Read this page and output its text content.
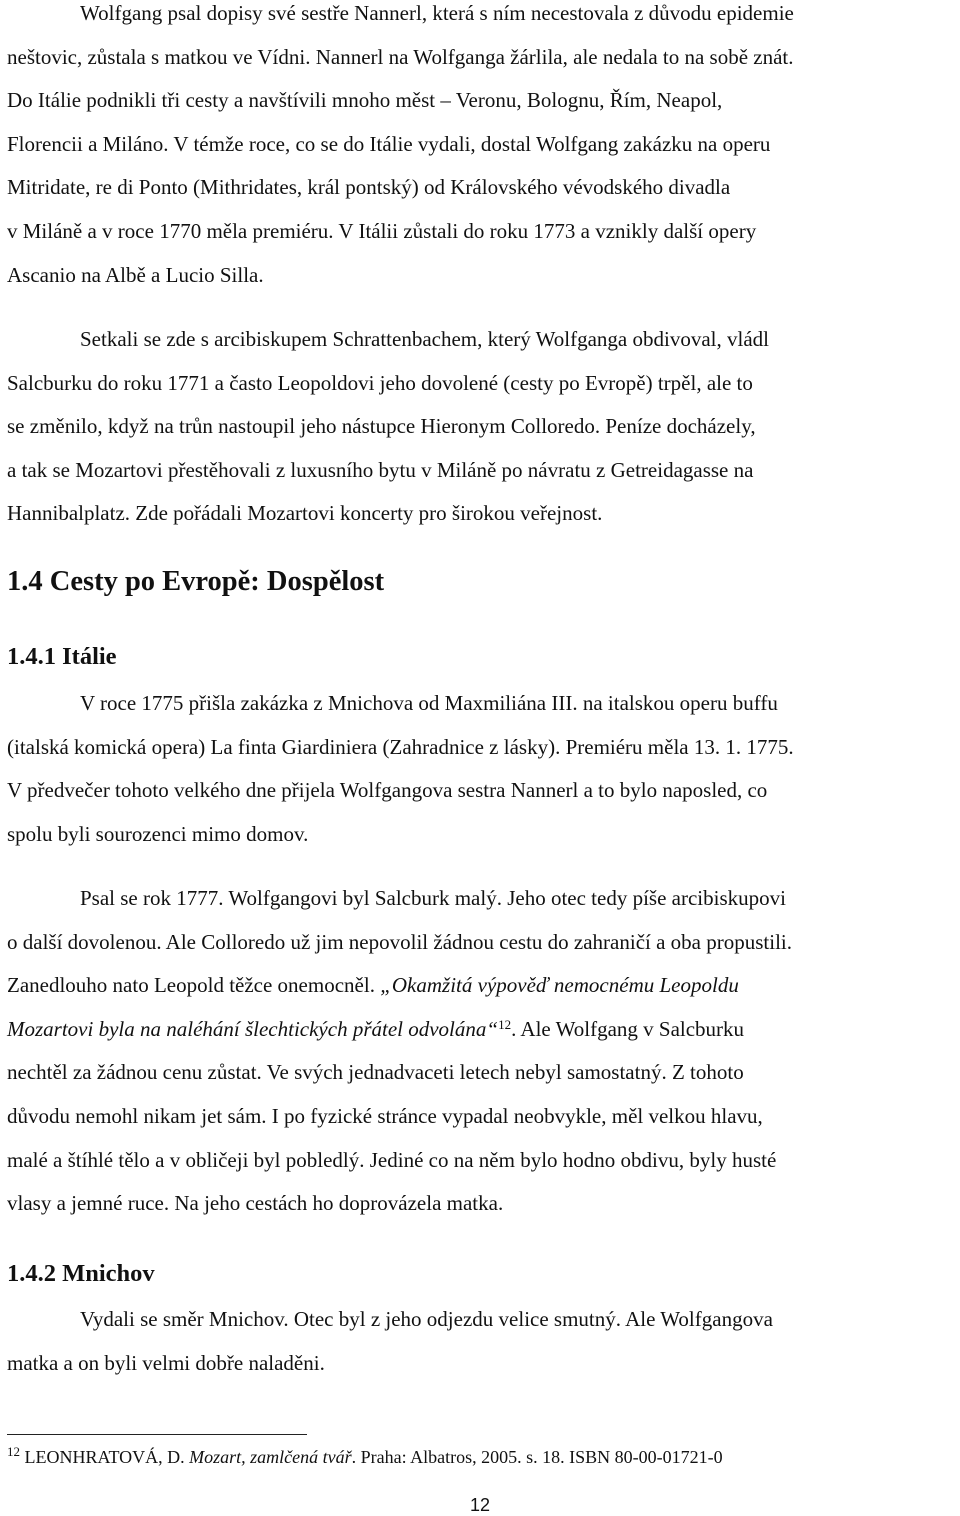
Wolfgang psal dopisy své sestře Nannerl, která s ním necestovala z důvodu epidemie
neštovic, zůstala s matkou ve Vídni. Nannerl na Wolfganga žárlila, ale nedala to na sobě znát.
Do Itálie podnikli tři cesty a navštívili mnoho měst – Veronu, Bolognu, Řím, Neapol,
Florencii a Miláno. V témže roce, co se do Itálie vydali, dostal Wolfgang zakázku na operu
Mitridate, re di Ponto (Mithridates, král pontský) od Královského vévodského divadla
v Miláně a v roce 1770 měla premiéru. V Itálii zůstali do roku 1773 a vznikly další opery
Ascanio na Albě a Lucio Silla.
Setkali se zde s arcibiskupem Schrattenbachem, který Wolfganga obdivoval, vládl
Salcburku do roku 1771 a často Leopoldovi jeho dovolené (cesty po Evropě) trpěl, ale to
se změnilo, když na trůn nastoupil jeho nástupce Hieronym Colloredo. Peníze docházely,
a tak se Mozartovi přestěhovali z luxusního bytu v Miláně po návratu z Getreidagasse na
Hannibalplatz. Zde pořádali Mozartovi koncerty pro širokou veřejnost.
1.4 Cesty po Evropě: Dospělost
1.4.1 Itálie
V roce 1775 přišla zakázka z Mnichova od Maxmiliána III. na italskou operu buffu
(italská komická opera) La finta Giardiniera (Zahradnice z lásky). Premiéru měla 13. 1. 1775.
V předvečer tohoto velkého dne přijela Wolfgangova sestra Nannerl a to bylo naposled, co
spolu byli sourozenci mimo domov.
Psal se rok 1777. Wolfgangovi byl Salcburk malý. Jeho otec tedy píše arcibiskupovi
o další dovolenou. Ale Colloredo už jim nepovolil žádnou cestu do zahraničí a oba propustili.
Zanedlouho nato Leopold těžce onemocněl. „Okamžitá výpověď nemocnému Leopoldu
Mozartovi byla na naléhání šlechtických přátel odvolána“$^{12}$. Ale Wolfgang v Salcburku
nechtěl za žádnou cenu zůstat. Ve svých jednadvaceti letech nebyl samostatný. Z tohoto
důvodu nemohl nikam jet sám. I po fyzické stránce vypadal neobvykle, měl velkou hlavu,
malé a štíhlé tělo a v obličeji byl pobledlý. Jediné co na něm bylo hodno obdivu, byly husté
vlasy a jemné ruce. Na jeho cestách ho doprovázela matka.
1.4.2 Mnichov
Vydali se směr Mnichov. Otec byl z jeho odjezdu velice smutný. Ale Wolfgangova
matka a on byli velmi dobře naladěni.
$^{12}$ LEONHRATOVÁ, D. Mozart, zamlčená tvář. Praha: Albatros, 2005. s. 18. ISBN 80-00-01721-0
12
